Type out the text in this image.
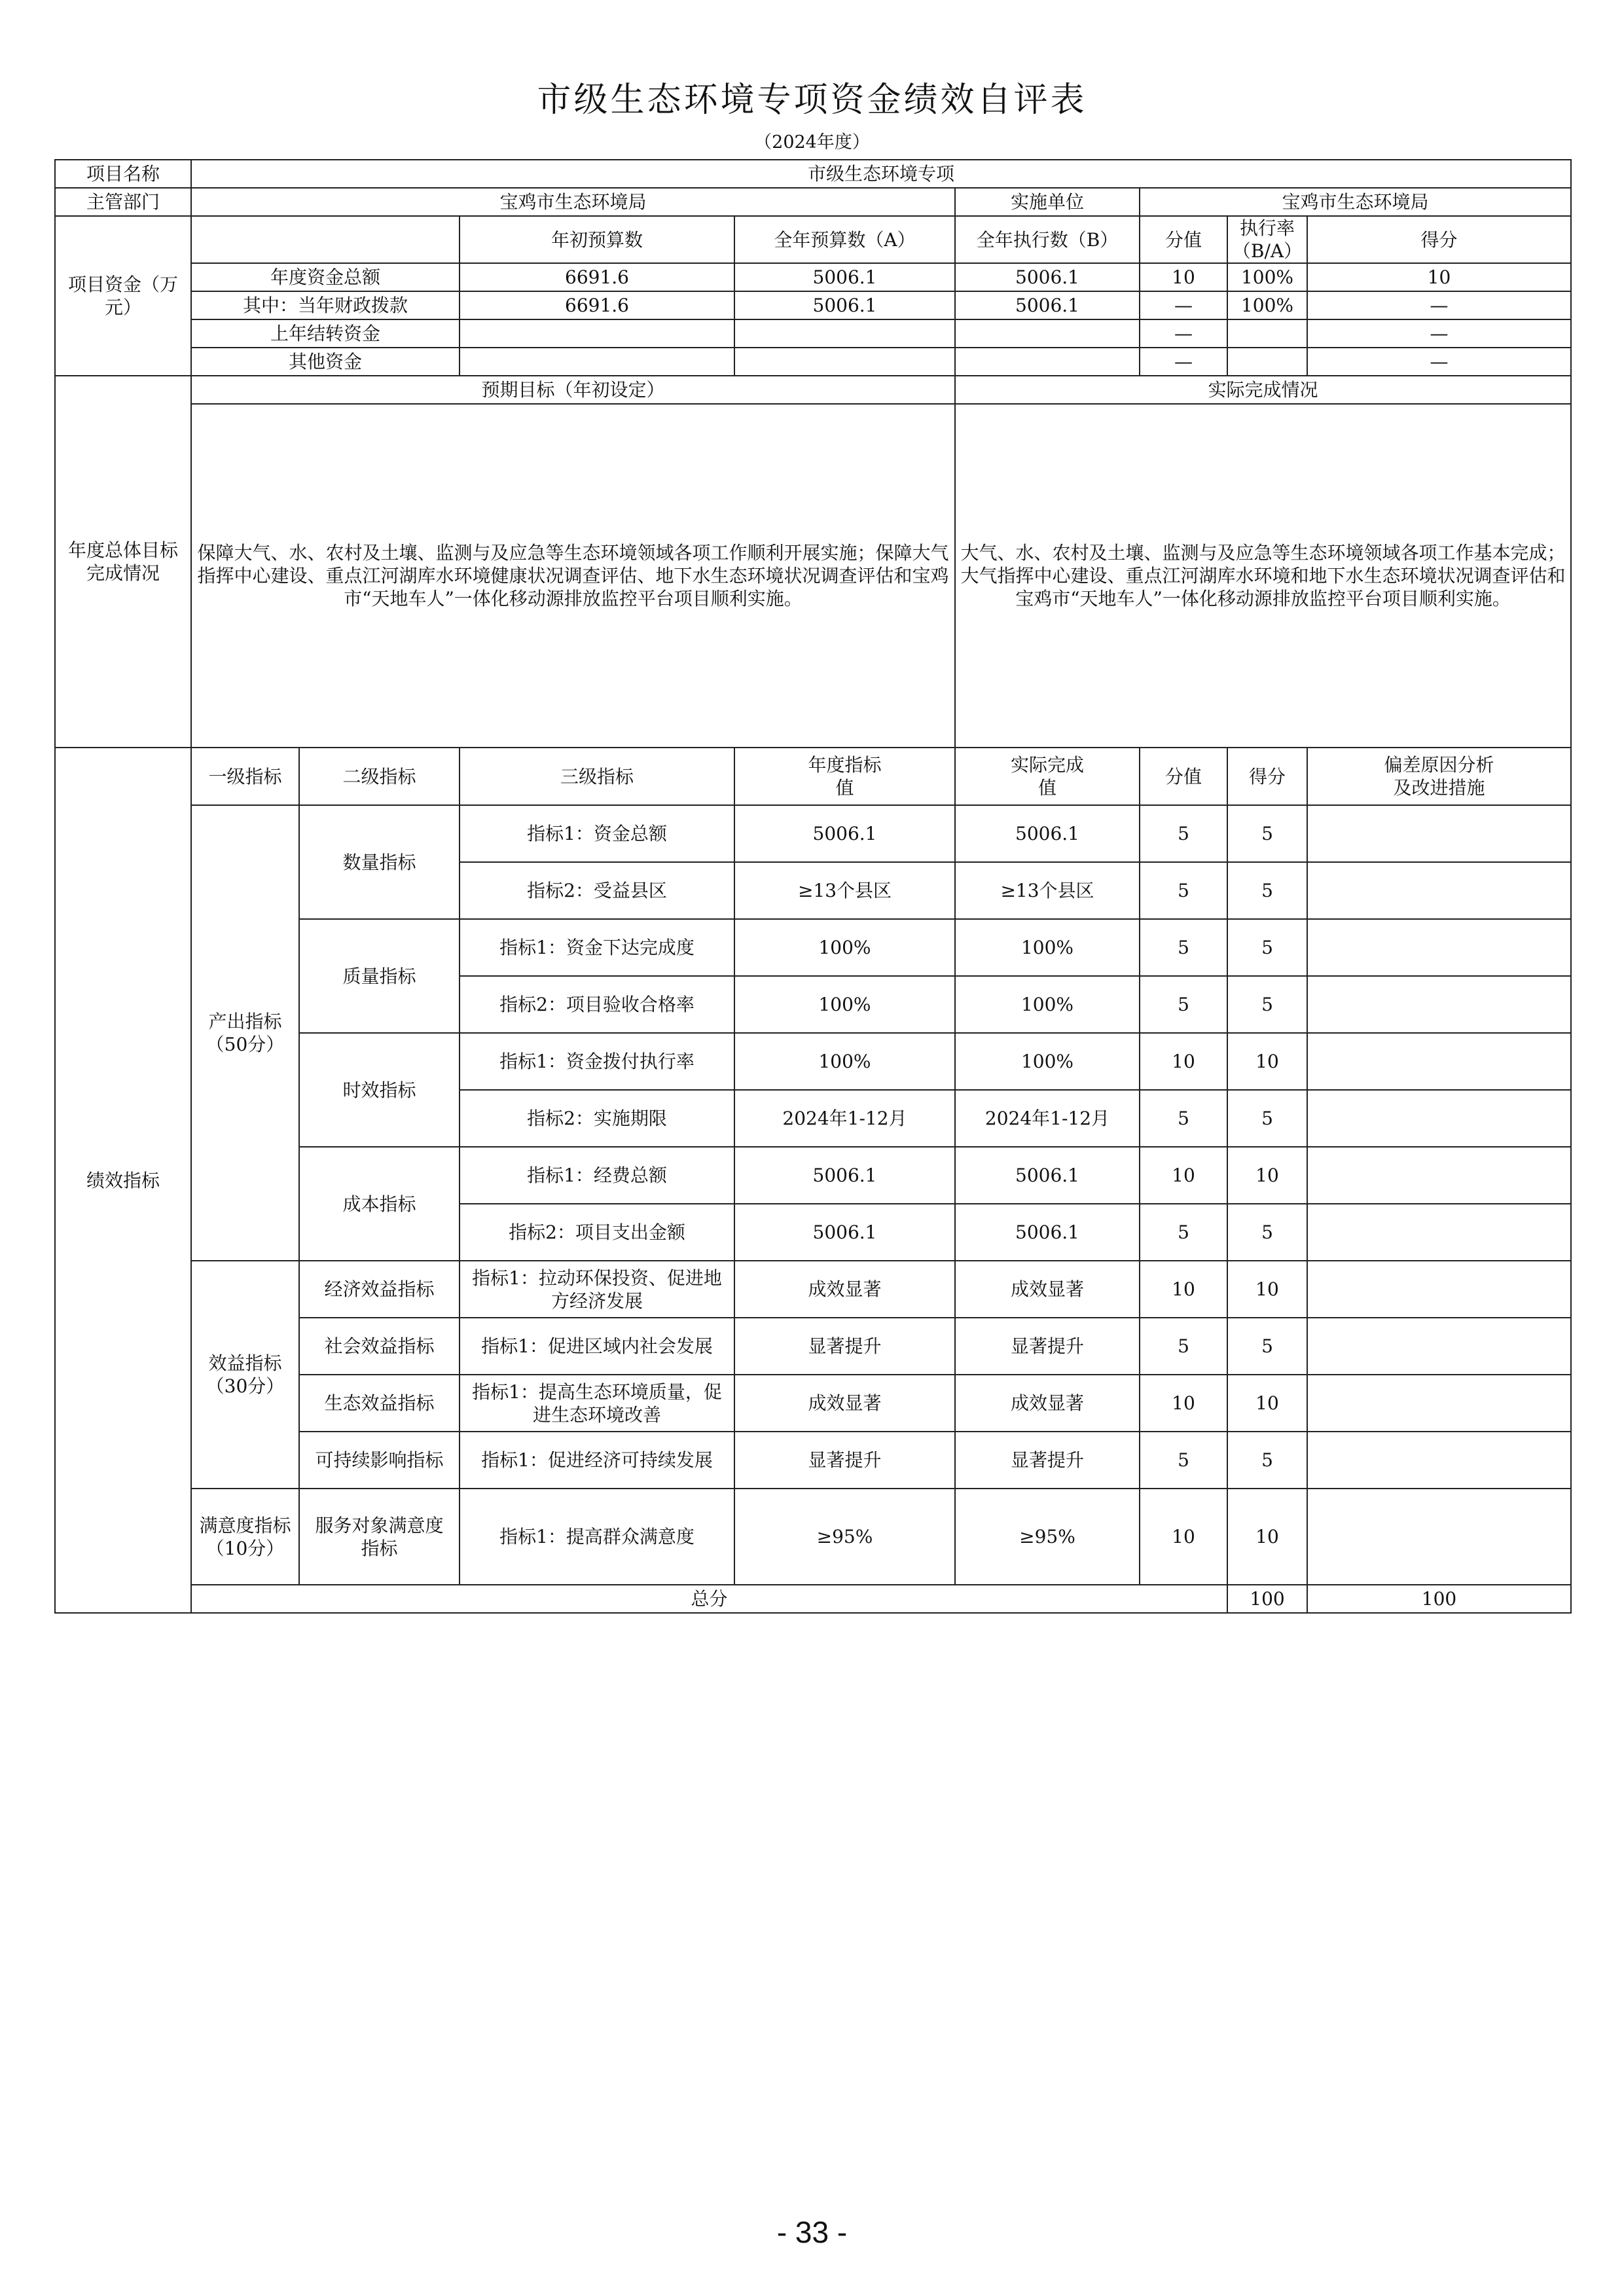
市级生态环境专项资金绩效自评表
（2024年度）
项目名称	市级生态环境专项								
主管部门	宝鸡市生态环境局				实施单位	宝鸡市生态环境局			
项目资金（万元）			年初预算数	全年预算数（A）	全年执行数（B）	分值	执行率（B/A）	得分	
	年度资金总额		6691.6	5006.1	5006.1	10	100%	10	
	其中：当年财政拨款		6691.6	5006.1	5006.1	—	100%	—	
	上年结转资金					—		—	
	其他资金					—		—	
年度总体目标完成情况	预期目标（年初设定）				实际完成情况				
	保障大气、水、农村及土壤、监测与及应急等生态环境领域各项工作顺利开展实施；保障大气指挥中心建设、重点江河湖库水环境健康状况调查评估、地下水生态环境状况调查评估和宝鸡市“天地车人”一体化移动源排放监控平台项目顺利实施。				大气、水、农村及土壤、监测与及应急等生态环境领域各项工作基本完成；大气指挥中心建设、重点江河湖库水环境和地下水生态环境状况调查评估和宝鸡市“天地车人”一体化移动源排放监控平台项目顺利实施。				
绩效指标	一级指标	二级指标	三级指标	年度指标值	实际完成值	分值	得分	偏差原因分析及改进措施	
	产出指标（50分）	数量指标	指标1：资金总额	5006.1	5006.1	5	5		
			指标2：受益县区	≥13个县区	≥13个县区	5	5		
		质量指标	指标1：资金下达完成度	100%	100%	5	5		
			指标2：项目验收合格率	100%	100%	5	5		
		时效指标	指标1：资金拨付执行率	100%	100%	10	10		
			指标2：实施期限	2024年1-12月	2024年1-12月	5	5		
		成本指标	指标1：经费总额	5006.1	5006.1	10	10		
			指标2：项目支出金额	5006.1	5006.1	5	5		
	效益指标（30分）	经济效益指标	指标1：拉动环保投资、促进地方经济发展	成效显著	成效显著	10	10		
		社会效益指标	指标1：促进区域内社会发展	显著提升	显著提升	5	5		
		生态效益指标	指标1：提高生态环境质量，促进生态环境改善	成效显著	成效显著	10	10		
		可持续影响指标	指标1：促进经济可持续发展	显著提升	显著提升	5	5		
	满意度指标（10分）	服务对象满意度指标	指标1：提高群众满意度	≥95%	≥95%	10	10		
	总分						100	100	
- 33 -
